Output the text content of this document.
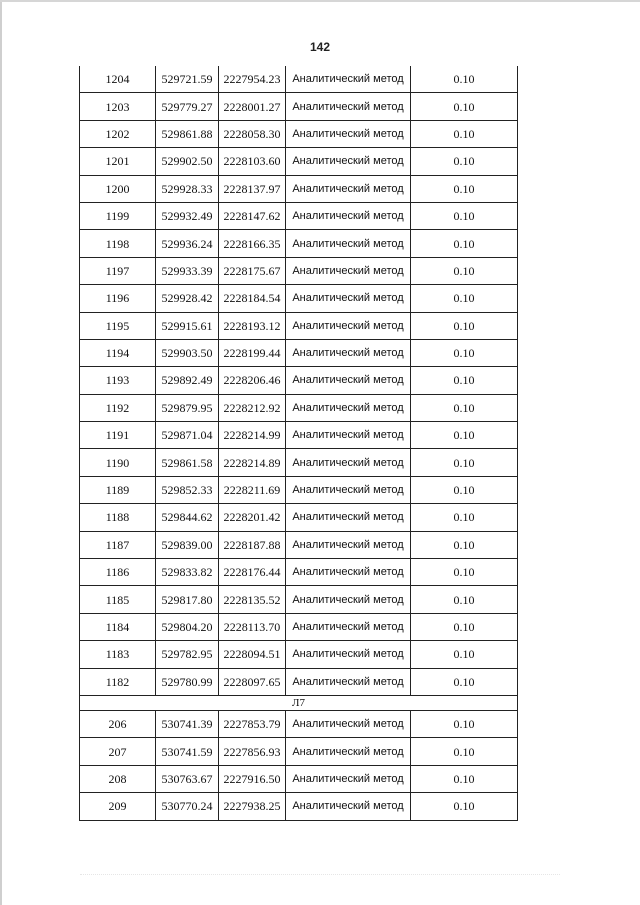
142
1204	529721.59	2227954.23	Аналитический метод	0.10
1203	529779.27	2228001.27	Аналитический метод	0.10
1202	529861.88	2228058.30	Аналитический метод	0.10
1201	529902.50	2228103.60	Аналитический метод	0.10
1200	529928.33	2228137.97	Аналитический метод	0.10
1199	529932.49	2228147.62	Аналитический метод	0.10
1198	529936.24	2228166.35	Аналитический метод	0.10
1197	529933.39	2228175.67	Аналитический метод	0.10
1196	529928.42	2228184.54	Аналитический метод	0.10
1195	529915.61	2228193.12	Аналитический метод	0.10
1194	529903.50	2228199.44	Аналитический метод	0.10
1193	529892.49	2228206.46	Аналитический метод	0.10
1192	529879.95	2228212.92	Аналитический метод	0.10
1191	529871.04	2228214.99	Аналитический метод	0.10
1190	529861.58	2228214.89	Аналитический метод	0.10
1189	529852.33	2228211.69	Аналитический метод	0.10
1188	529844.62	2228201.42	Аналитический метод	0.10
1187	529839.00	2228187.88	Аналитический метод	0.10
1186	529833.82	2228176.44	Аналитический метод	0.10
1185	529817.80	2228135.52	Аналитический метод	0.10
1184	529804.20	2228113.70	Аналитический метод	0.10
1183	529782.95	2228094.51	Аналитический метод	0.10
1182	529780.99	2228097.65	Аналитический метод	0.10
Л7				
206	530741.39	2227853.79	Аналитический метод	0.10
207	530741.59	2227856.93	Аналитический метод	0.10
208	530763.67	2227916.50	Аналитический метод	0.10
209	530770.24	2227938.25	Аналитический метод	0.10
